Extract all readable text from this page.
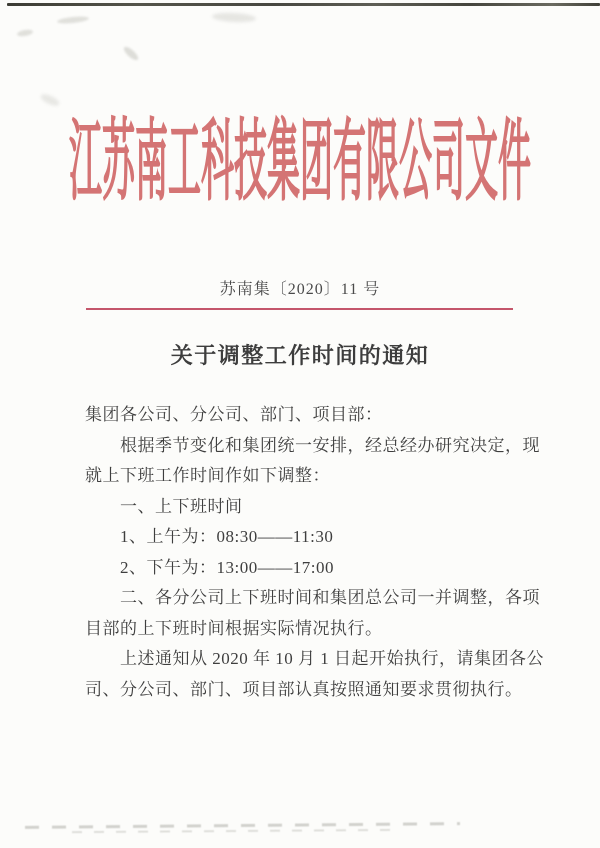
江苏南工科技集团有限公司文件
苏南集〔2020〕11 号
关于调整工作时间的通知
集团各公司、分公司、部门、项目部：
根据季节变化和集团统一安排，经总经办研究决定，现
就上下班工作时间作如下调整：
一、上下班时间
1、上午为：08:30——11:30
2、下午为：13:00——17:00
二、各分公司上下班时间和集团总公司一并调整，各项
目部的上下班时间根据实际情况执行。
上述通知从 2020 年 10 月 1 日起开始执行，请集团各公
司、分公司、部门、项目部认真按照通知要求贯彻执行。
